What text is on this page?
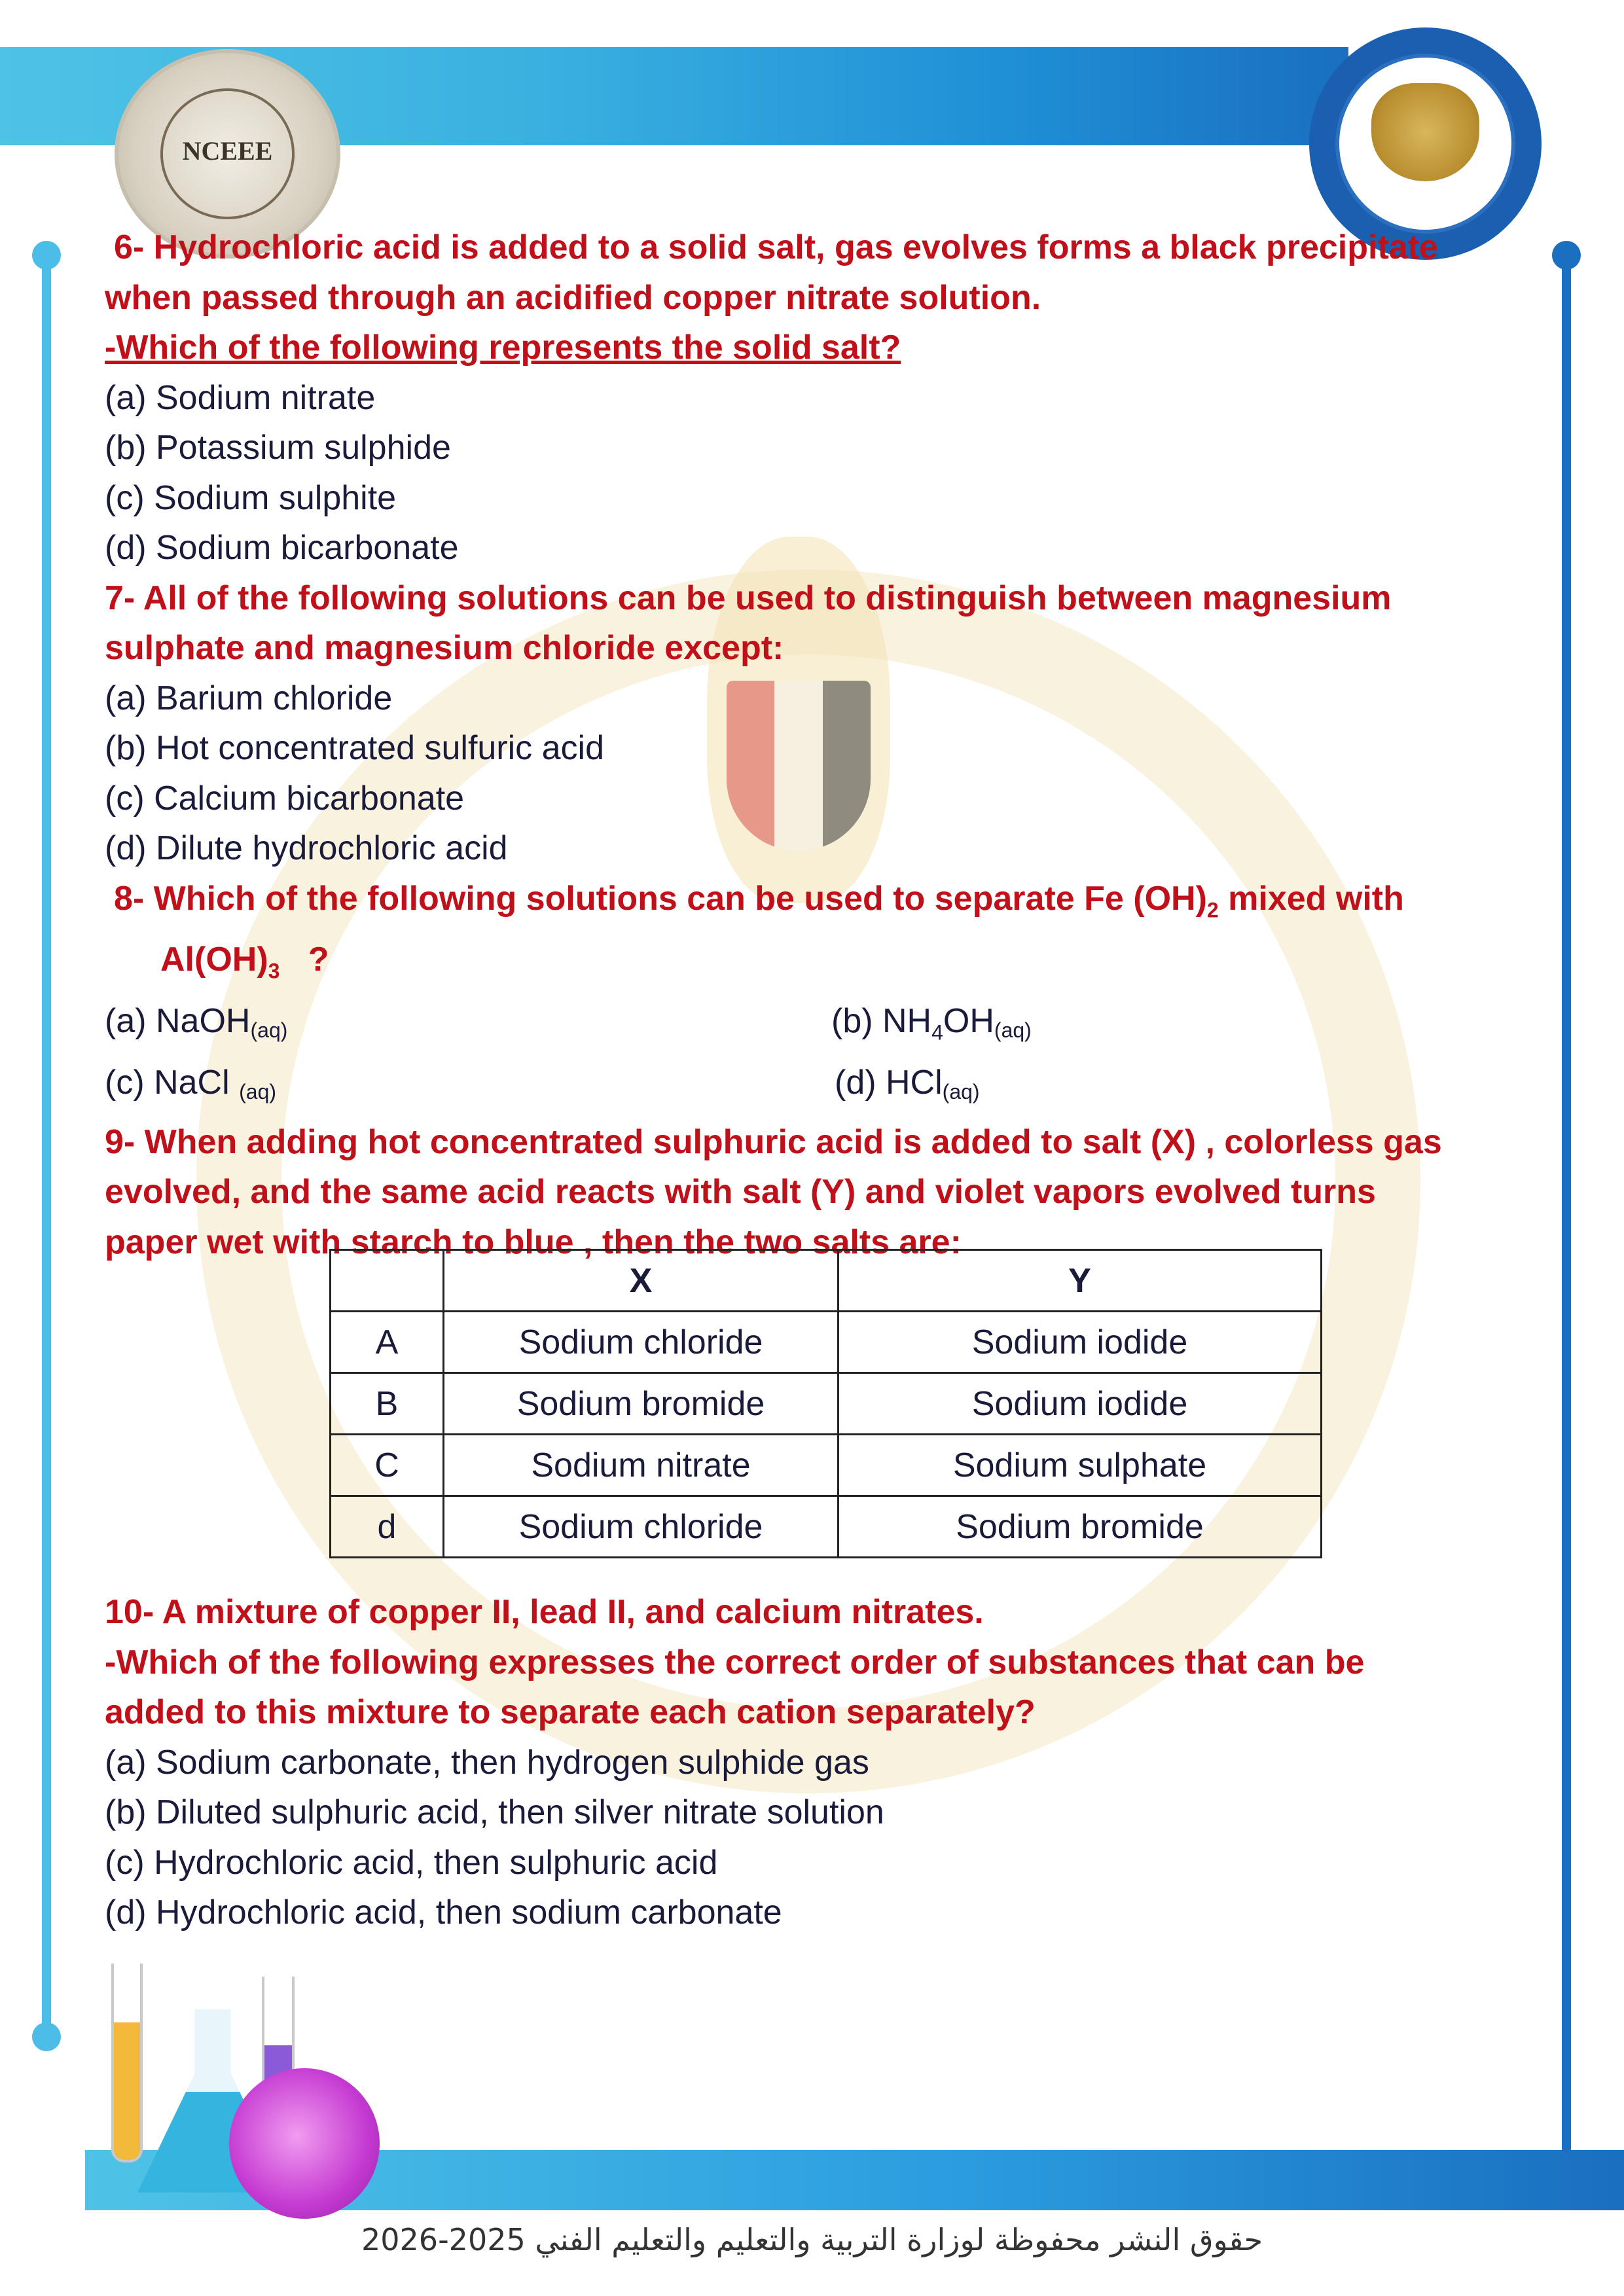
NCEEE
6- Hydrochloric acid is added to a solid salt, gas evolves forms a black precipitate
when passed through an acidified copper nitrate solution.
-Which of the following represents the solid salt?
(a) Sodium nitrate
(b) Potassium sulphide
(c) Sodium sulphite
(d) Sodium bicarbonate
7- All of the following solutions can be used to distinguish between magnesium
sulphate and magnesium chloride except:
(a) Barium chloride
(b) Hot concentrated sulfuric acid
(c) Calcium bicarbonate
(d) Dilute hydrochloric acid
8- Which of the following solutions can be used to separate Fe $(OH)_2$ mixed with
$Al(OH)_3$   ?
(a) NaOH(aq)	(b) $NH_4OH(aq)$
(c) NaCl (aq)	(d) HCl(aq)
9- When adding hot concentrated sulphuric acid is added to salt (X) , colorless gas
evolved, and the same acid reacts with salt (Y) and violet vapors evolved turns
paper wet with starch to blue , then the two salts are:
	X	Y
A	Sodium chloride	Sodium iodide
B	Sodium bromide	Sodium iodide
C	Sodium nitrate	Sodium sulphate
d	Sodium chloride	Sodium bromide
10- A mixture of copper II, lead II, and calcium nitrates.
-Which of the following expresses the correct order of substances that can be
added to this mixture to separate each cation separately?
(a) Sodium carbonate, then hydrogen sulphide gas
(b) Diluted sulphuric acid, then silver nitrate solution
(c) Hydrochloric acid, then sulphuric acid
(d) Hydrochloric acid, then sodium carbonate
حقوق النشر محفوظة لوزارة التربية والتعليم والتعليم الفني 2025-2026
